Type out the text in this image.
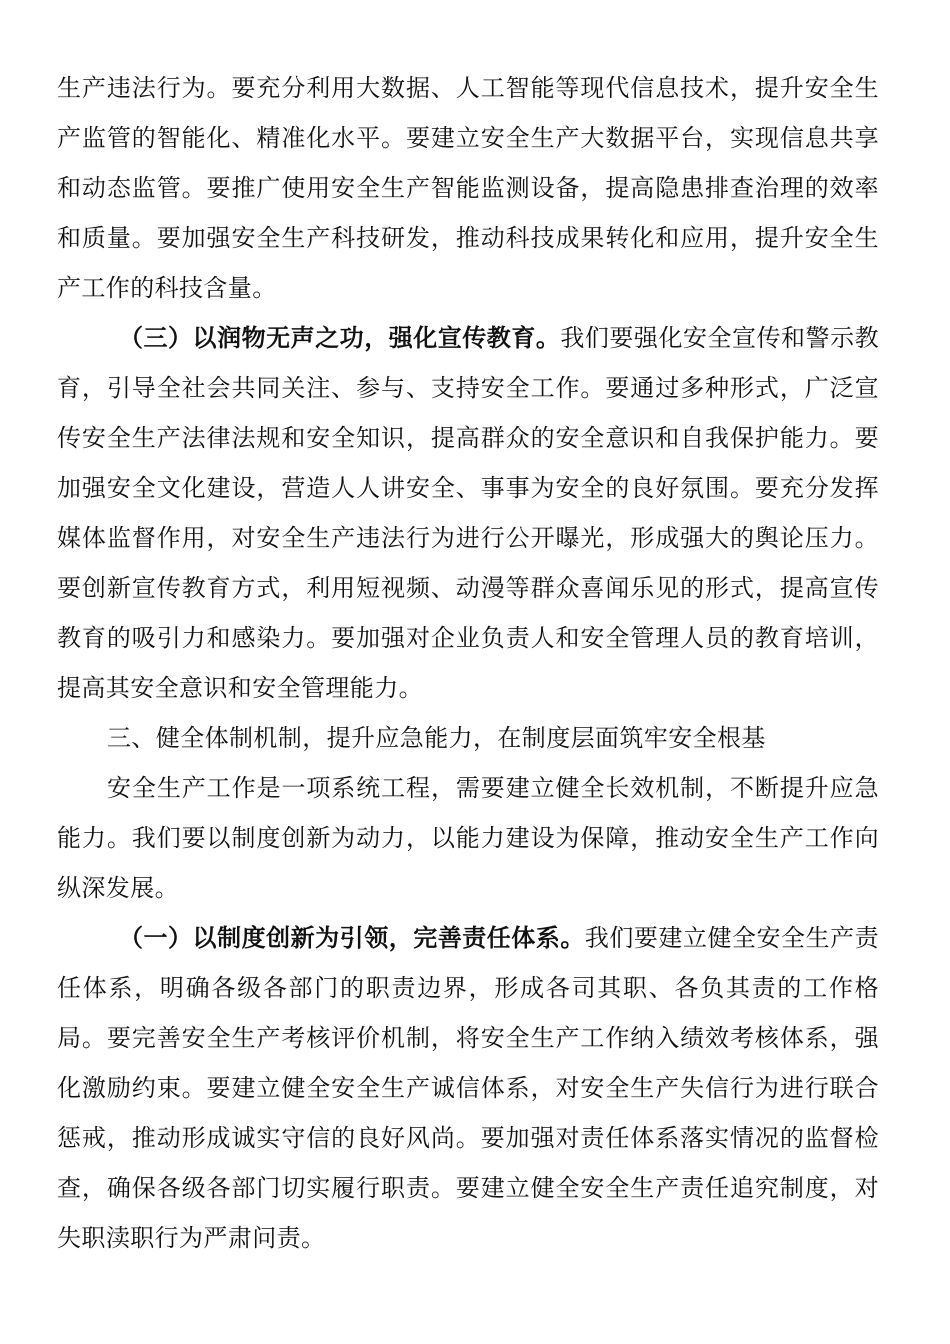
生产违法行为。要充分利用大数据、人工智能等现代信息技术，提升安全生产监管的智能化、精准化水平。要建立安全生产大数据平台，实现信息共享和动态监管。要推广使用安全生产智能监测设备，提高隐患排查治理的效率和质量。要加强安全生产科技研发，推动科技成果转化和应用，提升安全生产工作的科技含量。

（三）以润物无声之功，强化宣传教育。我们要强化安全宣传和警示教育，引导全社会共同关注、参与、支持安全工作。要通过多种形式，广泛宣传安全生产法律法规和安全知识，提高群众的安全意识和自我保护能力。要加强安全文化建设，营造人人讲安全、事事为安全的良好氛围。要充分发挥媒体监督作用，对安全生产违法行为进行公开曝光，形成强大的舆论压力。要创新宣传教育方式，利用短视频、动漫等群众喜闻乐见的形式，提高宣传教育的吸引力和感染力。要加强对企业负责人和安全管理人员的教育培训，提高其安全意识和安全管理能力。

三、健全体制机制，提升应急能力，在制度层面筑牢安全根基

安全生产工作是一项系统工程，需要建立健全长效机制，不断提升应急能力。我们要以制度创新为动力，以能力建设为保障，推动安全生产工作向纵深发展。

（一）以制度创新为引领，完善责任体系。我们要建立健全安全生产责任体系，明确各级各部门的职责边界，形成各司其职、各负其责的工作格局。要完善安全生产考核评价机制，将安全生产工作纳入绩效考核体系，强化激励约束。要建立健全安全生产诚信体系，对安全生产失信行为进行联合惩戒，推动形成诚实守信的良好风尚。要加强对责任体系落实情况的监督检查，确保各级各部门切实履行职责。要建立健全安全生产责任追究制度，对失职渎职行为严肃问责。
